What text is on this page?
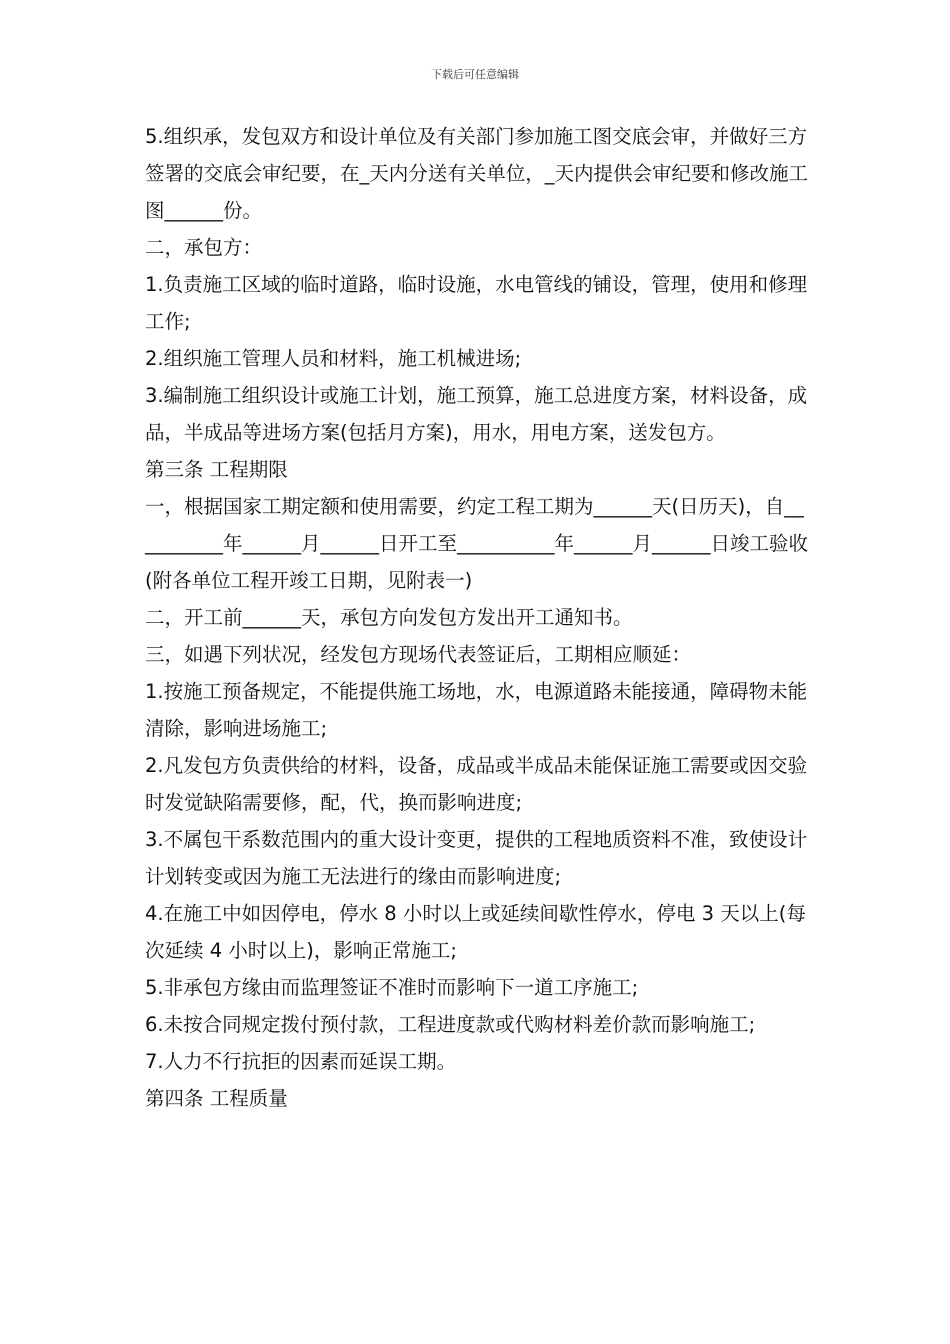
下载后可任意编辑

5.组织承，发包双方和设计单位及有关部门参加施工图交底会审，并做好三方签署的交底会审纪要，在_天内分送有关单位，_天内提供会审纪要和修改施工图______份。

二，承包方：

1.负责施工区域的临时道路，临时设施，水电管线的铺设，管理，使用和修理工作;

2.组织施工管理人员和材料，施工机械进场;

3.编制施工组织设计或施工计划，施工预算，施工总进度方案，材料设备，成品，半成品等进场方案(包括月方案)，用水，用电方案，送发包方。

第三条 工程期限

一，根据国家工期定额和使用需要，约定工程工期为______天(日历天)，自__________年______月______日开工至__________年______月______日竣工验收(附各单位工程开竣工日期，见附表一)

二，开工前______天，承包方向发包方发出开工通知书。

三，如遇下列状况，经发包方现场代表签证后，工期相应顺延：

1.按施工预备规定，不能提供施工场地，水，电源道路未能接通，障碍物未能清除，影响进场施工;

2.凡发包方负责供给的材料，设备，成品或半成品未能保证施工需要或因交验时发觉缺陷需要修，配，代，换而影响进度;

3.不属包干系数范围内的重大设计变更，提供的工程地质资料不准，致使设计计划转变或因为施工无法进行的缘由而影响进度;

4.在施工中如因停电，停水 8 小时以上或延续间歇性停水，停电 3 天以上(每次延续 4 小时以上)，影响正常施工;

5.非承包方缘由而监理签证不准时而影响下一道工序施工;

6.未按合同规定拨付预付款，工程进度款或代购材料差价款而影响施工;

7.人力不行抗拒的因素而延误工期。

第四条 工程质量
